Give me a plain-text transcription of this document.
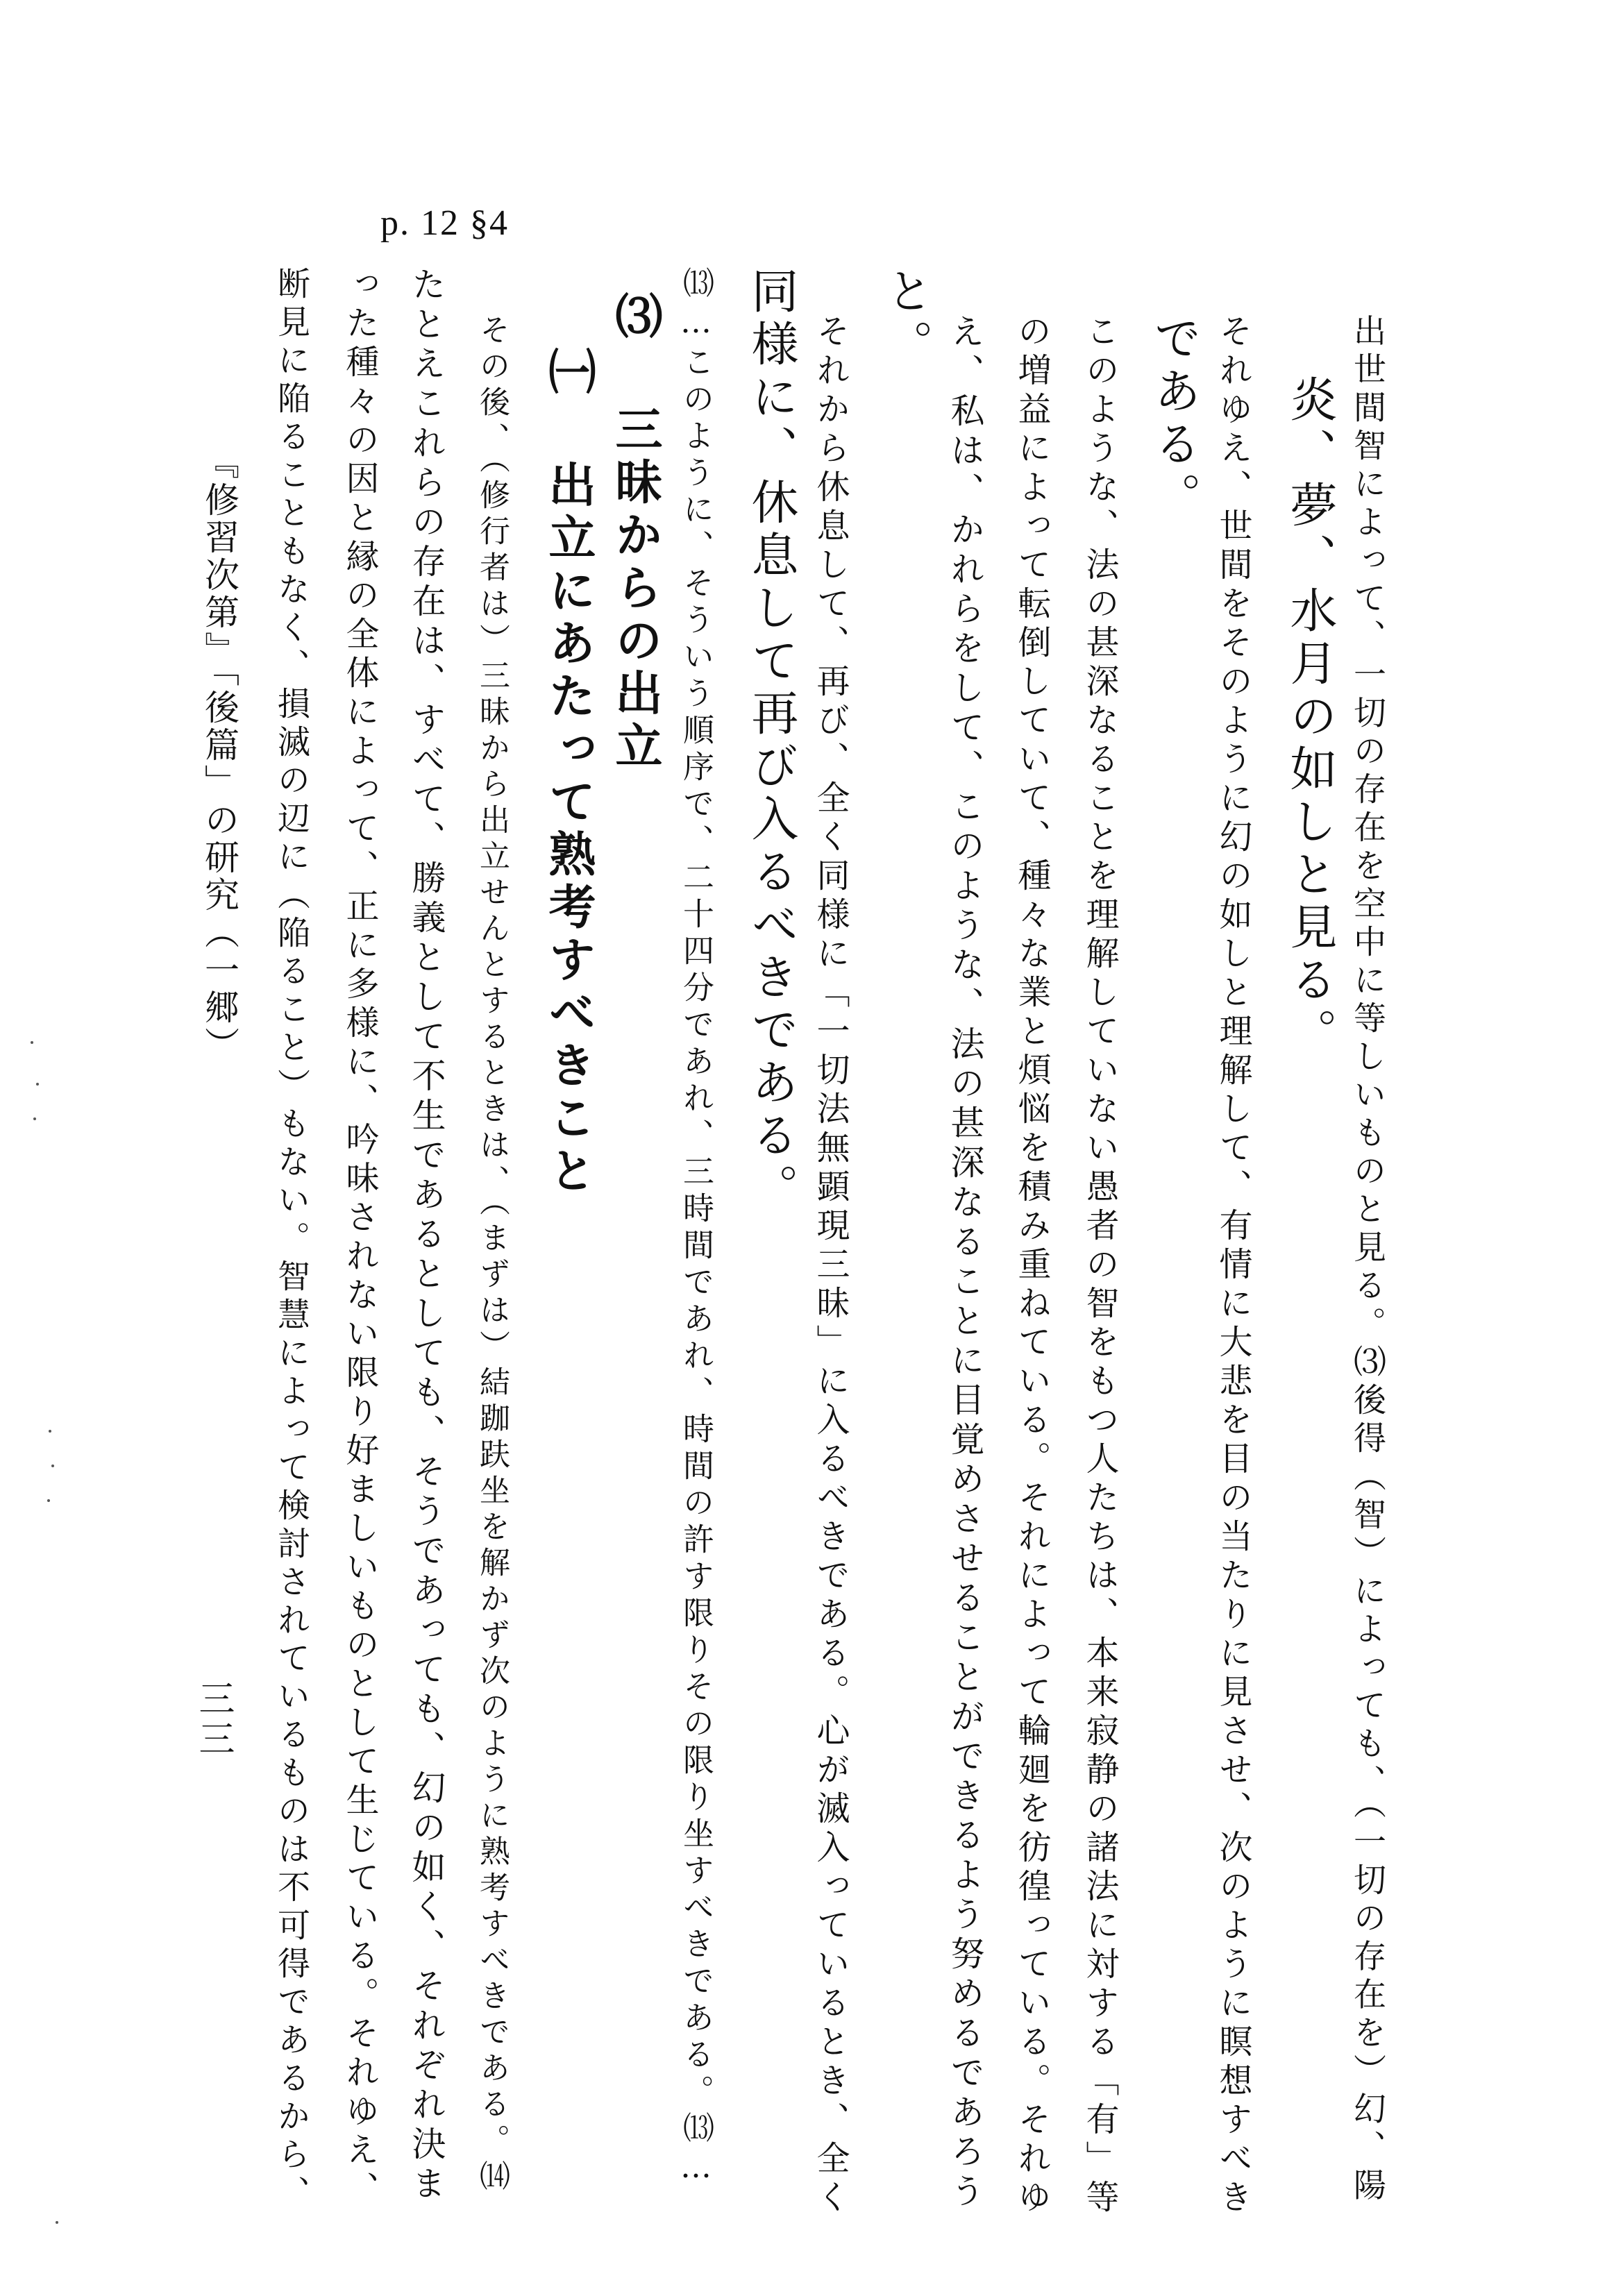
p. 12 §4
出世間智によって、一切の存在を空中に等しいものと見る。⑶後得（智）によっても、（一切の存在を）幻、陽
炎、夢、水月の如しと見る。
それゆえ、世間をそのように幻の如しと理解して、有情に大悲を目の当たりに見させ、次のように瞑想すべき
である。
このような、法の甚深なることを理解していない愚者の智をもつ人たちは、本来寂静の諸法に対する「有」等
の増益によって転倒していて、種々な業と煩悩を積み重ねている。それによって輪廻を彷徨っている。それゆ
え、私は、かれらをして、このような、法の甚深なることに目覚めさせることができるよう努めるであろう
と。
それから休息して、再び、全く同様に「一切法無顕現三昧」に入るべきである。心が滅入っているとき、全く
同様に、休息して再び入るべきである。
⒀…このように、そういう順序で、二十四分であれ、三時間であれ、時間の許す限りその限り坐すべきである。⒀…
⑶ 三昧からの出立
㈠ 出立にあたって熟考すべきこと
その後、（修行者は）三昧から出立せんとするときは、（まずは）結跏趺坐を解かず次のように熟考すべきである。⒁
たとえこれらの存在は、すべて、勝義として不生であるとしても、そうであっても、幻の如く、それぞれ決ま
った種々の因と縁の全体によって、正に多様に、吟味されない限り好ましいものとして生じている。それゆえ、
断見に陥ることもなく、損滅の辺に（陥ること）もない。智慧によって検討されているものは不可得であるから、
『修習次第』「後篇」の研究（一郷）
三三
